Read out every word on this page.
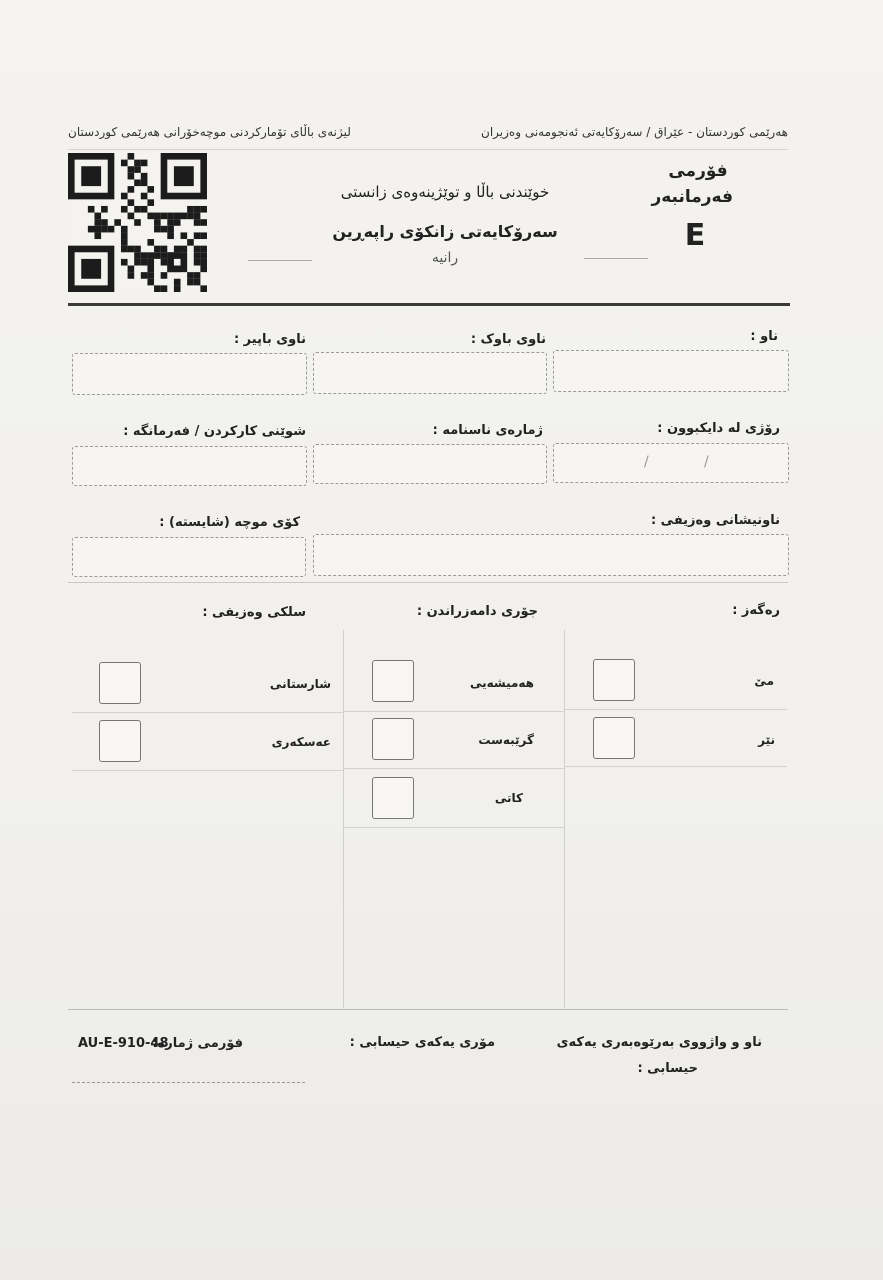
هەرێمی کوردستان - عێراق / سەرۆکایەتی ئەنجومەنی وەزیران
لیژنەی باڵای تۆمارکردنی موچەخۆرانی هەرێمی کوردستان
فۆرمی
فەرمانبەر
E
خوێندنی باڵا و توێژینەوەی زانستی
سەرۆکایەتی زانکۆی راپەڕین
رانیە
ناو :
ناوی باوک :
ناوی باپیر :
رۆژی لە دایکبوون :
ژمارەی ناسنامە :
شوێنی کارکردن / فەرمانگە :
/	/
ناونیشانی وەزیفی :
کۆی موچە (شایستە) :
رەگەز :
جۆری دامەزراندن :
سلکی وەزیفی :
مێ
نێر
هەمیشەیی
گرێبەست
کاتی
شارستانی
عەسکەری
ناو و واژووی بەرێوەبەری یەکەی
حیسابی :
مۆری یەکەی حیسابی :
فۆرمی ژمارە:
AU-E-910-48
